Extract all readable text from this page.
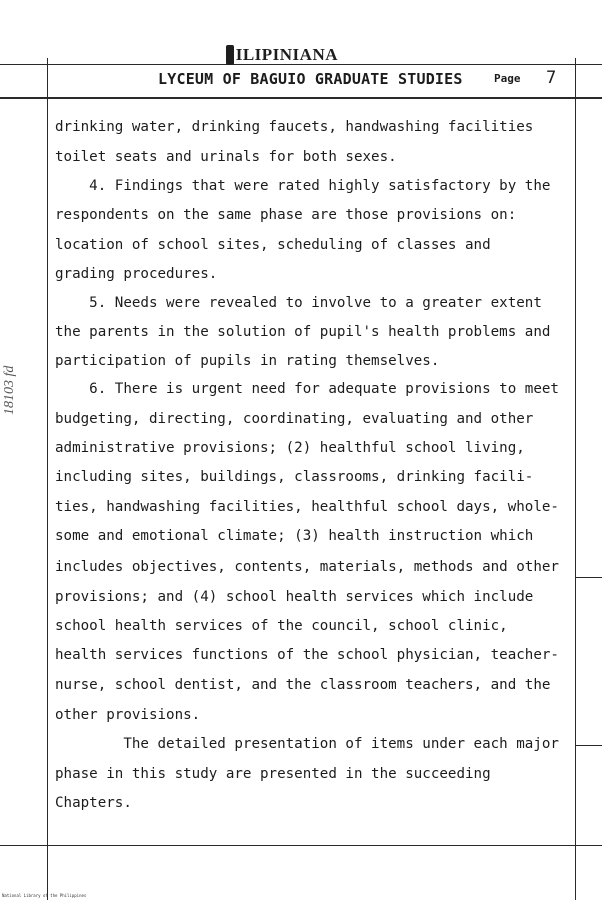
ILIPINIANA
LYCEUM OF BAGUIO GRADUATE STUDIES	Page 7
drinking water, drinking faucets, handwashing facilities
toilet seats and urinals for both sexes.
4. Findings that were rated highly satisfactory by the
respondents on the same phase are those provisions on:
location of school sites, scheduling of classes and
grading procedures.
5. Needs were revealed to involve to a greater extent
the parents in the solution of pupil's health problems and
participation of pupils in rating themselves.
6. There is urgent need for adequate provisions to meet
budgeting, directing, coordinating, evaluating and other
administrative provisions; (2) healthful school living,
including sites, buildings, classrooms, drinking facili-
ties, handwashing facilities, healthful school days, whole-
some and emotional climate; (3) health instruction which
includes objectives, contents, materials, methods and other
provisions; and (4) school health services which include
school health services of the council, school clinic,
health services functions of the school physician, teacher-
nurse, school dentist, and the classroom teachers, and the
other provisions.
The detailed presentation of items under each major
phase in this study are presented in the succeeding
Chapters.
18103 fd
National Library of the Philippines
